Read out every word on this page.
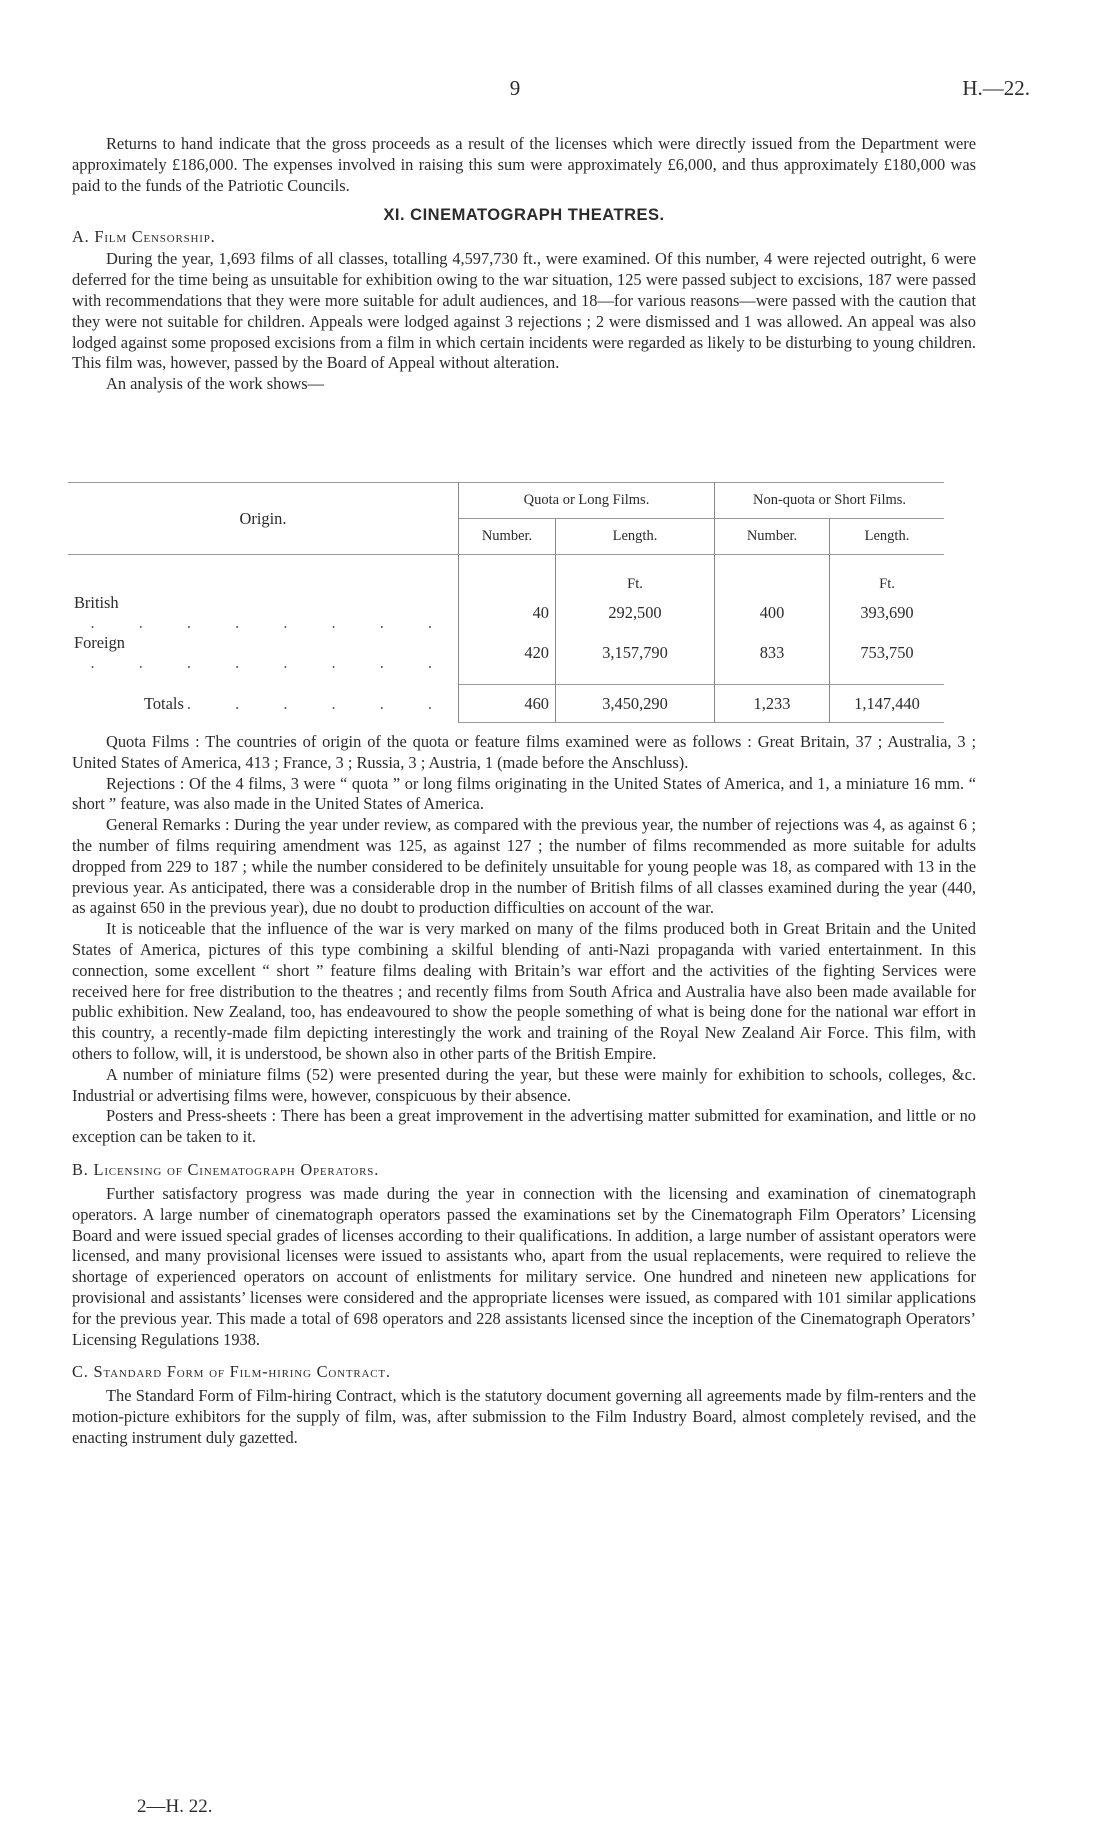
9	H.—22.

Returns to hand indicate that the gross proceeds as a result of the licenses which were directly issued from the Department were approximately £186,000. The expenses involved in raising this sum were approximately £6,000, and thus approximately £180,000 was paid to the funds of the Patriotic Councils.

XI. CINEMATOGRAPH THEATRES.
A. Film Censorship.

During the year, 1,693 films of all classes, totalling 4,597,730 ft., were examined. Of this number, 4 were rejected outright, 6 were deferred for the time being as unsuitable for exhibition owing to the war situation, 125 were passed subject to excisions, 187 were passed with recommendations that they were more suitable for adult audiences, and 18—for various reasons—were passed with the caution that they were not suitable for children. Appeals were lodged against 3 rejections ; 2 were dismissed and 1 was allowed. An appeal was also lodged against some proposed excisions from a film in which certain incidents were regarded as likely to be disturbing to young children. This film was, however, passed by the Board of Appeal without alteration.

An analysis of the work shows—

Origin.	Quota or Long Films.		Non-quota or Short Films.	
	Number.	Length.	Number.	Length.
		Ft.		Ft.
British
. . . . . . . .	40	292,500	400	393,690
Foreign
. . . . . . . .	420	3,157,790	833	753,750

Totals . . . . . .	460	3,450,290	1,233	1,147,440

Quota Films : The countries of origin of the quota or feature films examined were as follows : Great Britain, 37 ; Australia, 3 ; United States of America, 413 ; France, 3 ; Russia, 3 ; Austria, 1 (made before the Anschluss).

Rejections : Of the 4 films, 3 were “ quota ” or long films originating in the United States of America, and 1, a miniature 16 mm. “ short ” feature, was also made in the United States of America.

General Remarks : During the year under review, as compared with the previous year, the number of rejections was 4, as against 6 ; the number of films requiring amendment was 125, as against 127 ; the number of films recommended as more suitable for adults dropped from 229 to 187 ; while the number considered to be definitely unsuitable for young people was 18, as compared with 13 in the previous year. As anticipated, there was a considerable drop in the number of British films of all classes examined during the year (440, as against 650 in the previous year), due no doubt to production difficulties on account of the war.

It is noticeable that the influence of the war is very marked on many of the films produced both in Great Britain and the United States of America, pictures of this type combining a skilful blending of anti-Nazi propaganda with varied entertainment. In this connection, some excellent “ short ” feature films dealing with Britain’s war effort and the activities of the fighting Services were received here for free distribution to the theatres ; and recently films from South Africa and Australia have also been made available for public exhibition. New Zealand, too, has endeavoured to show the people something of what is being done for the national war effort in this country, a recently-made film depicting interestingly the work and training of the Royal New Zealand Air Force. This film, with others to follow, will, it is understood, be shown also in other parts of the British Empire.

A number of miniature films (52) were presented during the year, but these were mainly for exhibition to schools, colleges, &c. Industrial or advertising films were, however, conspicuous by their absence.

Posters and Press-sheets : There has been a great improvement in the advertising matter submitted for examination, and little or no exception can be taken to it.

B. Licensing of Cinematograph Operators.

Further satisfactory progress was made during the year in connection with the licensing and examination of cinematograph operators. A large number of cinematograph operators passed the examinations set by the Cinematograph Film Operators’ Licensing Board and were issued special grades of licenses according to their qualifications. In addition, a large number of assistant operators were licensed, and many provisional licenses were issued to assistants who, apart from the usual replacements, were required to relieve the shortage of experienced operators on account of enlistments for military service. One hundred and nineteen new applications for provisional and assistants’ licenses were considered and the appropriate licenses were issued, as compared with 101 similar applications for the previous year. This made a total of 698 operators and 228 assistants licensed since the inception of the Cinematograph Operators’ Licensing Regulations 1938.

C. Standard Form of Film-hiring Contract.

The Standard Form of Film-hiring Contract, which is the statutory document governing all agreements made by film-renters and the motion-picture exhibitors for the supply of film, was, after submission to the Film Industry Board, almost completely revised, and the enacting instrument duly gazetted.

2—H. 22.
